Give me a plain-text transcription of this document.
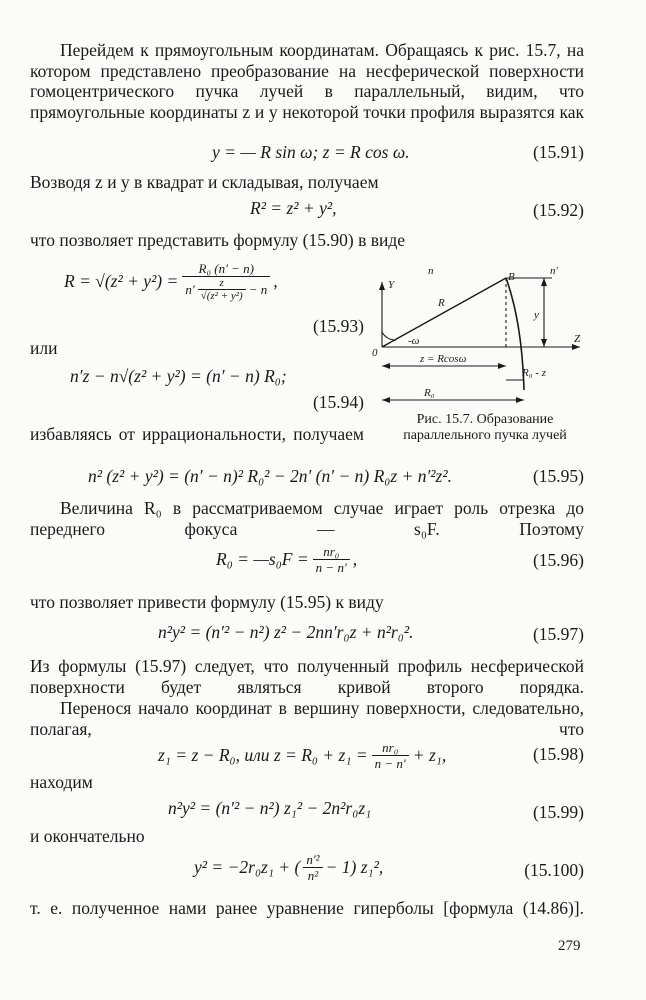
Перейдем к прямоугольным координатам. Обращаясь к рис. 15.7, на котором представлено преобразование на несферической поверхности гомоцентрического пучка лучей в параллельный, видим, что прямоугольные координаты z и y некоторой точки профиля выразятся как
y = — R sin ω; z = R cos ω.	(15.91)
Возводя z и y в квадрат и складывая, получаем
R² = z² + y²,	(15.92)
что позволяет представить формулу (15.90) в виде
R = √(z² + y²) =
R₀ (n′ − n)
$n' \frac{z}{\text{√(z² + y²)}} - n$ ,
(15.93)
или
n′z − n√(z² + y²) = (n′ − n) R₀;
(15.94)
избавляясь от иррациональности, получаем
n	n′
B
Y
R
y
-ω
0
Z
z = Rcosω
R₀ - z
R₀
Рис. 15.7. Образование параллельного пучка лучей
n² (z² + y²) = (n′ − n)² R₀² − 2n′ (n′ − n) R₀z + n′²z².	(15.95)
Величина R₀ в рассматриваемом случае играет роль отрезка до переднего фокуса — s₀F. Поэтому
R₀ = —s₀F = $\frac{\text{nr₀}}{n - n'}$ ,	(15.96)
что позволяет привести формулу (15.95) к виду
n²y² = (n′² − n²) z² − 2nn′r₀z + n²r₀².	(15.97)
Из формулы (15.97) следует, что полученный профиль несферической поверхности будет являться кривой второго порядка.
Перенося начало координат в вершину поверхности, следовательно, полагая, что
z₁ = z − R₀, или $z = R_0 + z_1 = \frac{\text{nr₀}}{n - n'} + z_1$,	(15.98)
находим
n²y² = (n′² − n²) z₁² − 2n²r₀z₁	(15.99)
и окончательно
y² = −2r₀z₁ + ( $\frac{\text{n′²}}{\text{n²}} - 1$) z₁²,	(15.100)
т. е. полученное нами ранее уравнение гиперболы [формула (14.86)].
279
